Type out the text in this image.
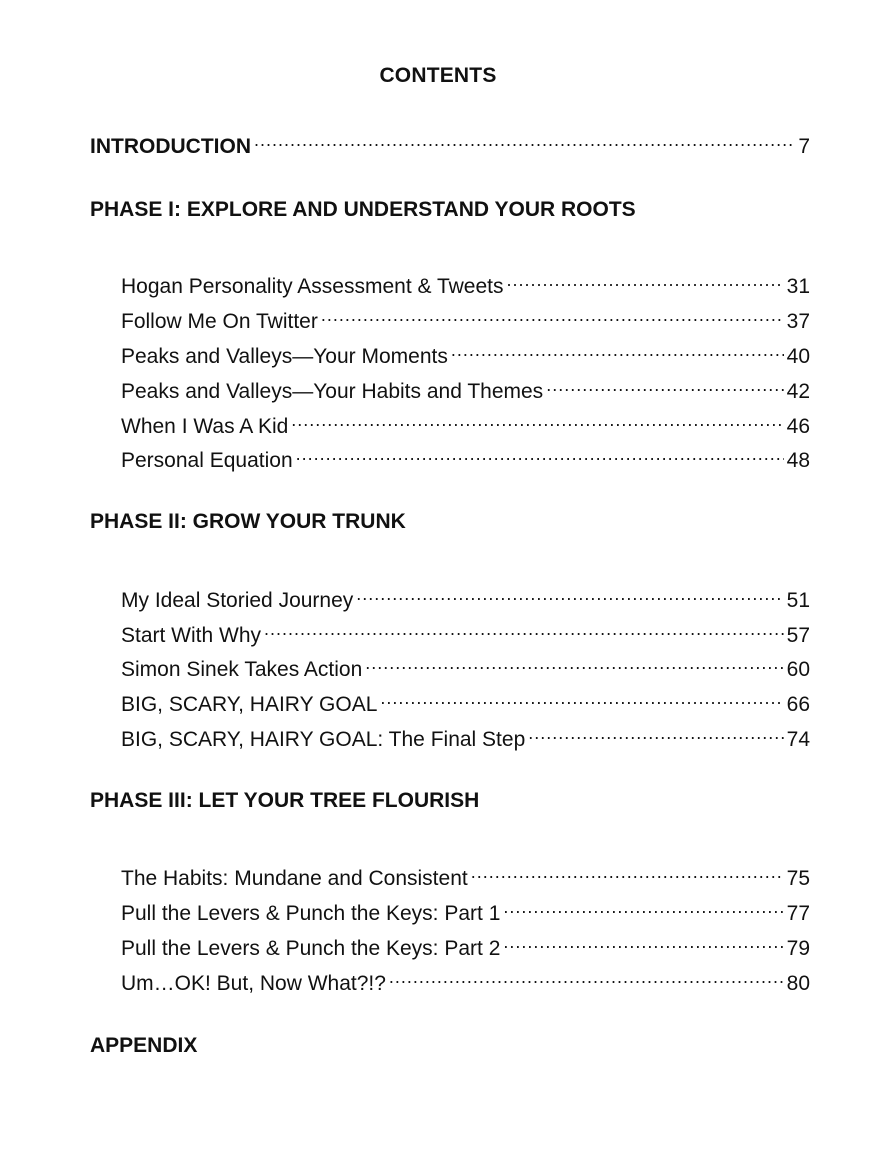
CONTENTS
INTRODUCTION .....	7
PHASE I: EXPLORE AND UNDERSTAND YOUR ROOTS
Hogan Personality Assessment & Tweets .....	31
Follow Me On Twitter .....	37
Peaks and Valleys—Your Moments .....	40
Peaks and Valleys—Your Habits and Themes .....	42
When I Was A Kid .....	46
Personal Equation .....	48
PHASE II: GROW YOUR TRUNK
My Ideal Storied Journey .....	51
Start With Why .....	57
Simon Sinek Takes Action .....	60
BIG, SCARY, HAIRY GOAL .....	66
BIG, SCARY, HAIRY GOAL: The Final Step .....	74
PHASE III: LET YOUR TREE FLOURISH
The Habits: Mundane and Consistent .....	75
Pull the Levers & Punch the Keys: Part 1 .....	77
Pull the Levers & Punch the Keys: Part 2 .....	79
Um…OK! But, Now What?!? .....	80
APPENDIX
